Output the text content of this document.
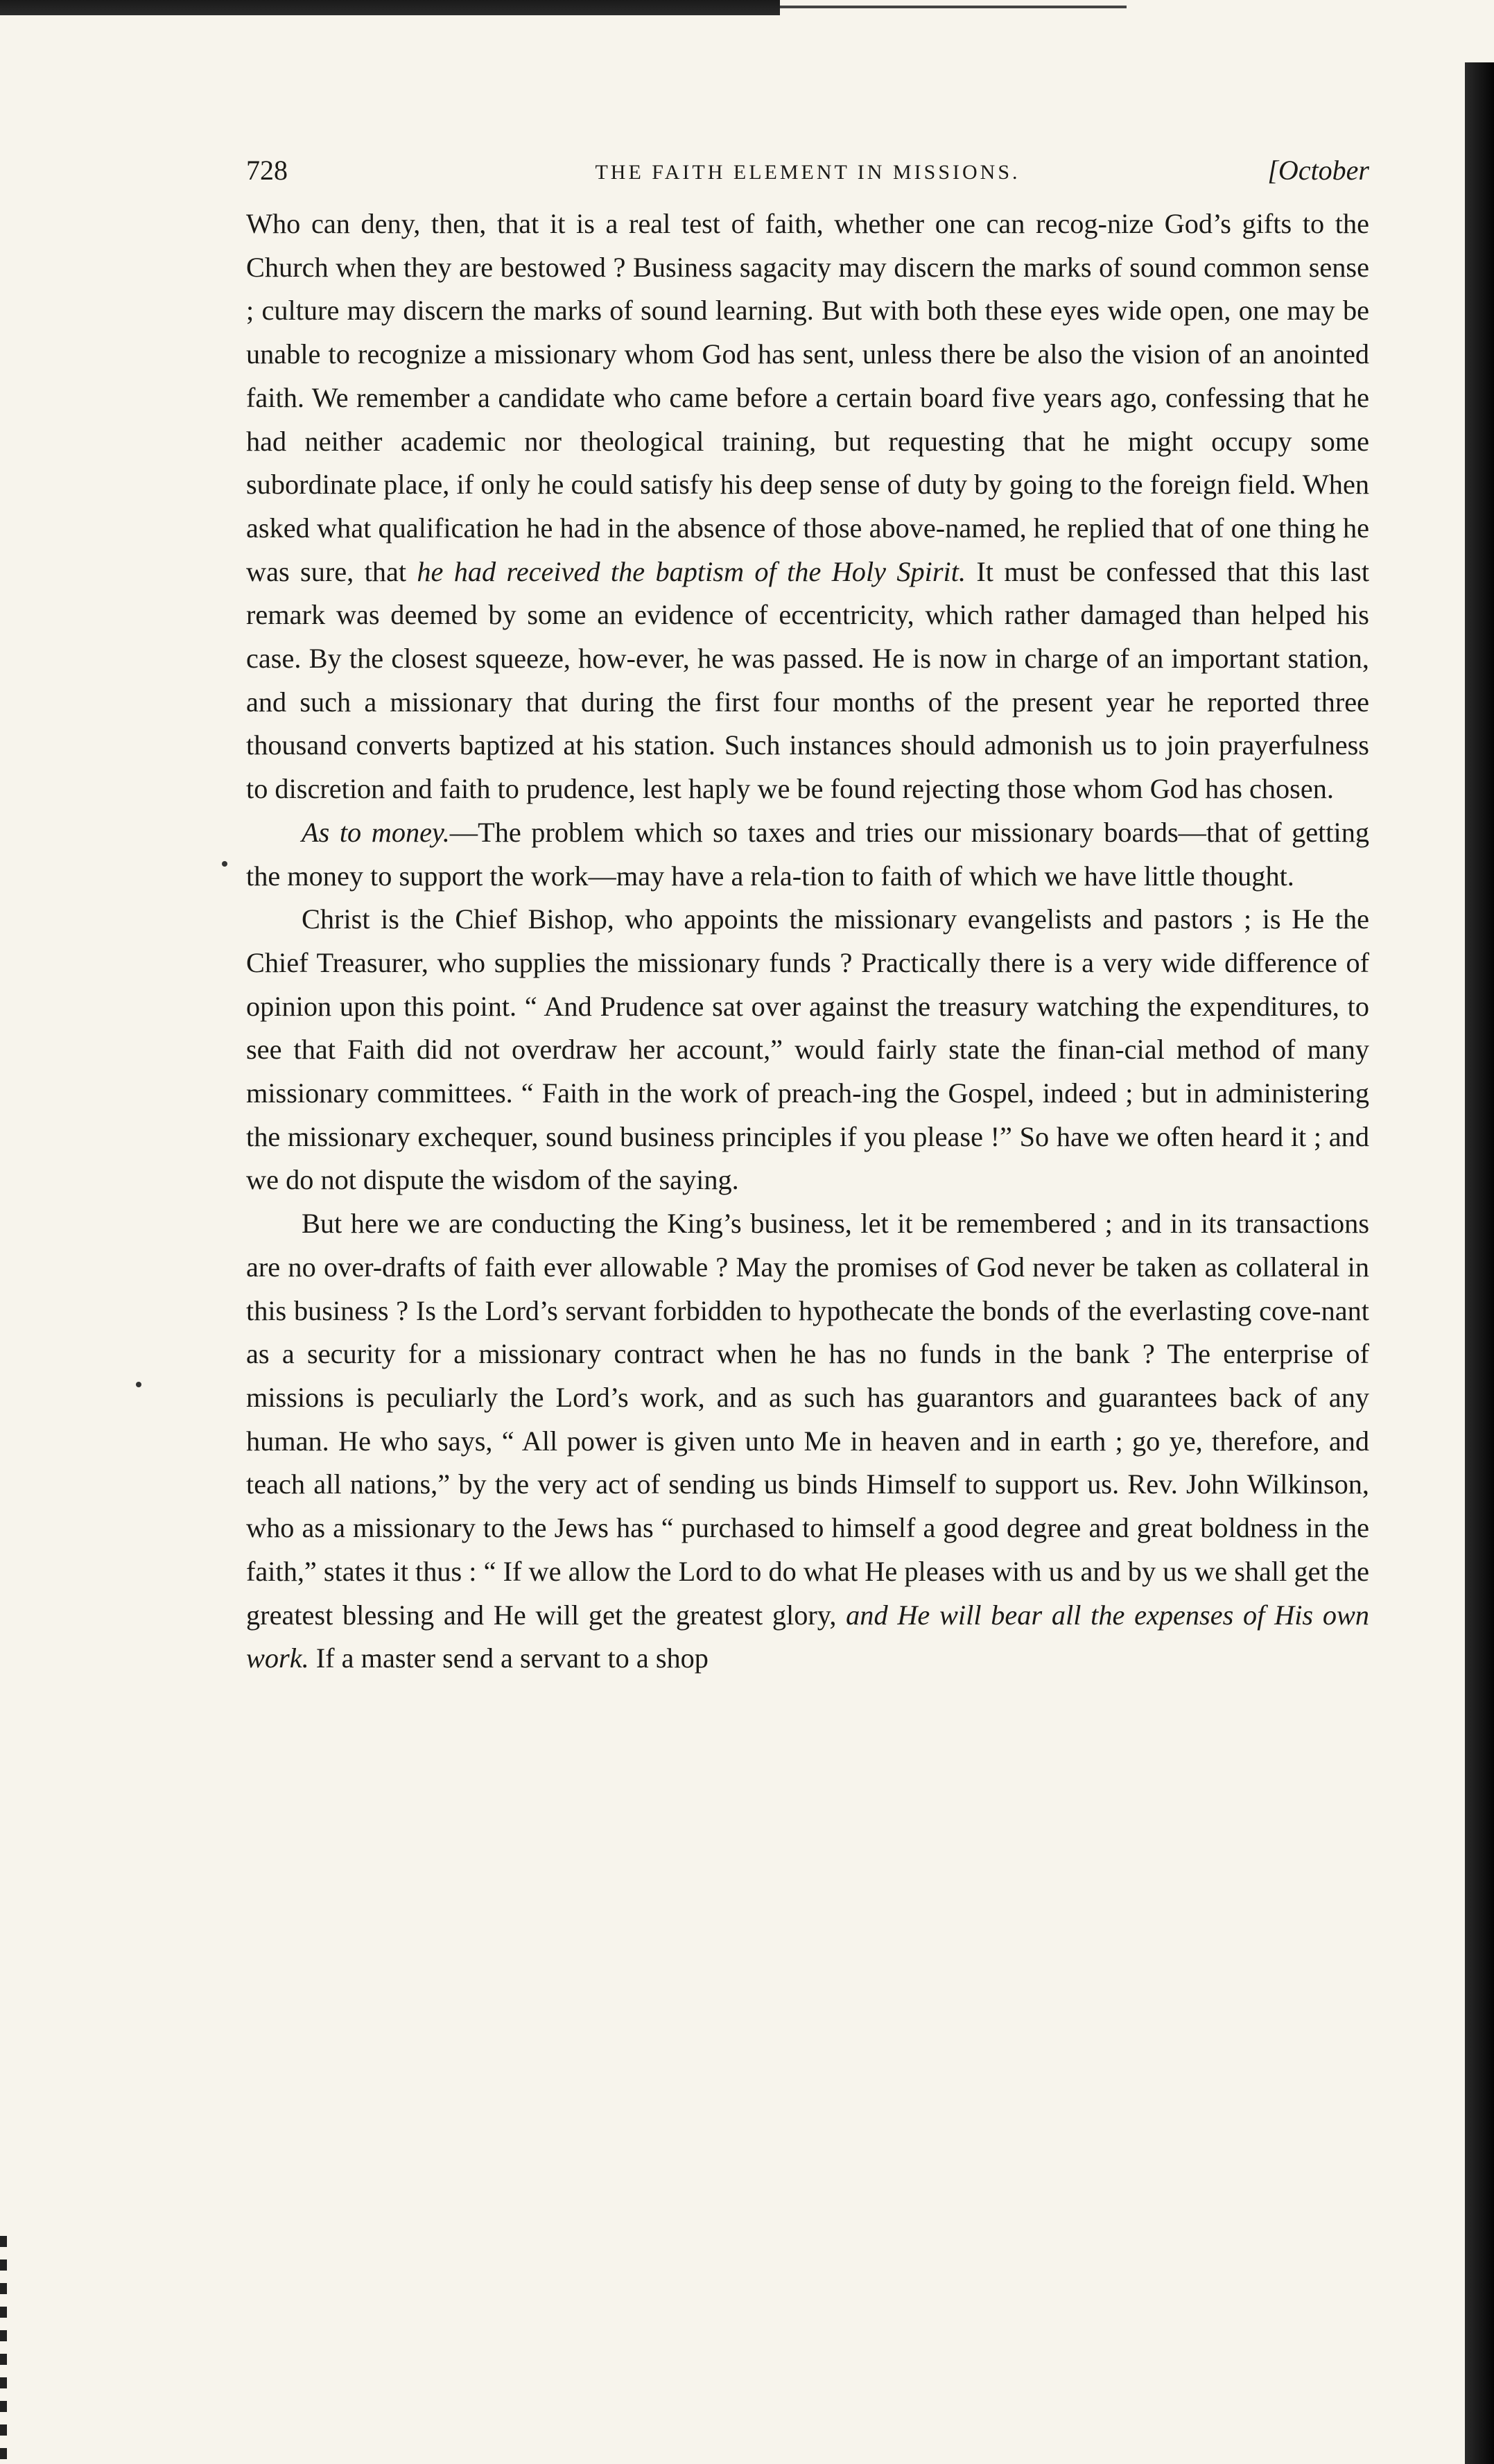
728	THE FAITH ELEMENT IN MISSIONS.	[October

Who can deny, then, that it is a real test of faith, whether one can recog-nize God’s gifts to the Church when they are bestowed ? Business sagacity may discern the marks of sound common sense ; culture may discern the marks of sound learning. But with both these eyes wide open, one may be unable to recognize a missionary whom God has sent, unless there be also the vision of an anointed faith. We remember a candidate who came before a certain board five years ago, confessing that he had neither academic nor theological training, but requesting that he might occupy some subordinate place, if only he could satisfy his deep sense of duty by going to the foreign field. When asked what qualification he had in the absence of those above-named, he replied that of one thing he was sure, that he had received the baptism of the Holy Spirit. It must be confessed that this last remark was deemed by some an evidence of eccentricity, which rather damaged than helped his case. By the closest squeeze, how-ever, he was passed. He is now in charge of an important station, and such a missionary that during the first four months of the present year he reported three thousand converts baptized at his station. Such instances should admonish us to join prayerfulness to discretion and faith to prudence, lest haply we be found rejecting those whom God has chosen.

As to money.—The problem which so taxes and tries our missionary boards—that of getting the money to support the work—may have a rela-tion to faith of which we have little thought.

Christ is the Chief Bishop, who appoints the missionary evangelists and pastors ; is He the Chief Treasurer, who supplies the missionary funds ? Practically there is a very wide difference of opinion upon this point. “ And Prudence sat over against the treasury watching the expenditures, to see that Faith did not overdraw her account,” would fairly state the finan-cial method of many missionary committees. “ Faith in the work of preach-ing the Gospel, indeed ; but in administering the missionary exchequer, sound business principles if you please !” So have we often heard it ; and we do not dispute the wisdom of the saying.

But here we are conducting the King’s business, let it be remembered ; and in its transactions are no over-drafts of faith ever allowable ? May the promises of God never be taken as collateral in this business ? Is the Lord’s servant forbidden to hypothecate the bonds of the everlasting cove-nant as a security for a missionary contract when he has no funds in the bank ? The enterprise of missions is peculiarly the Lord’s work, and as such has guarantors and guarantees back of any human. He who says, “ All power is given unto Me in heaven and in earth ; go ye, therefore, and teach all nations,” by the very act of sending us binds Himself to support us. Rev. John Wilkinson, who as a missionary to the Jews has “ purchased to himself a good degree and great boldness in the faith,” states it thus : “ If we allow the Lord to do what He pleases with us and by us we shall get the greatest blessing and He will get the greatest glory, and He will bear all the expenses of His own work. If a master send a servant to a shop
